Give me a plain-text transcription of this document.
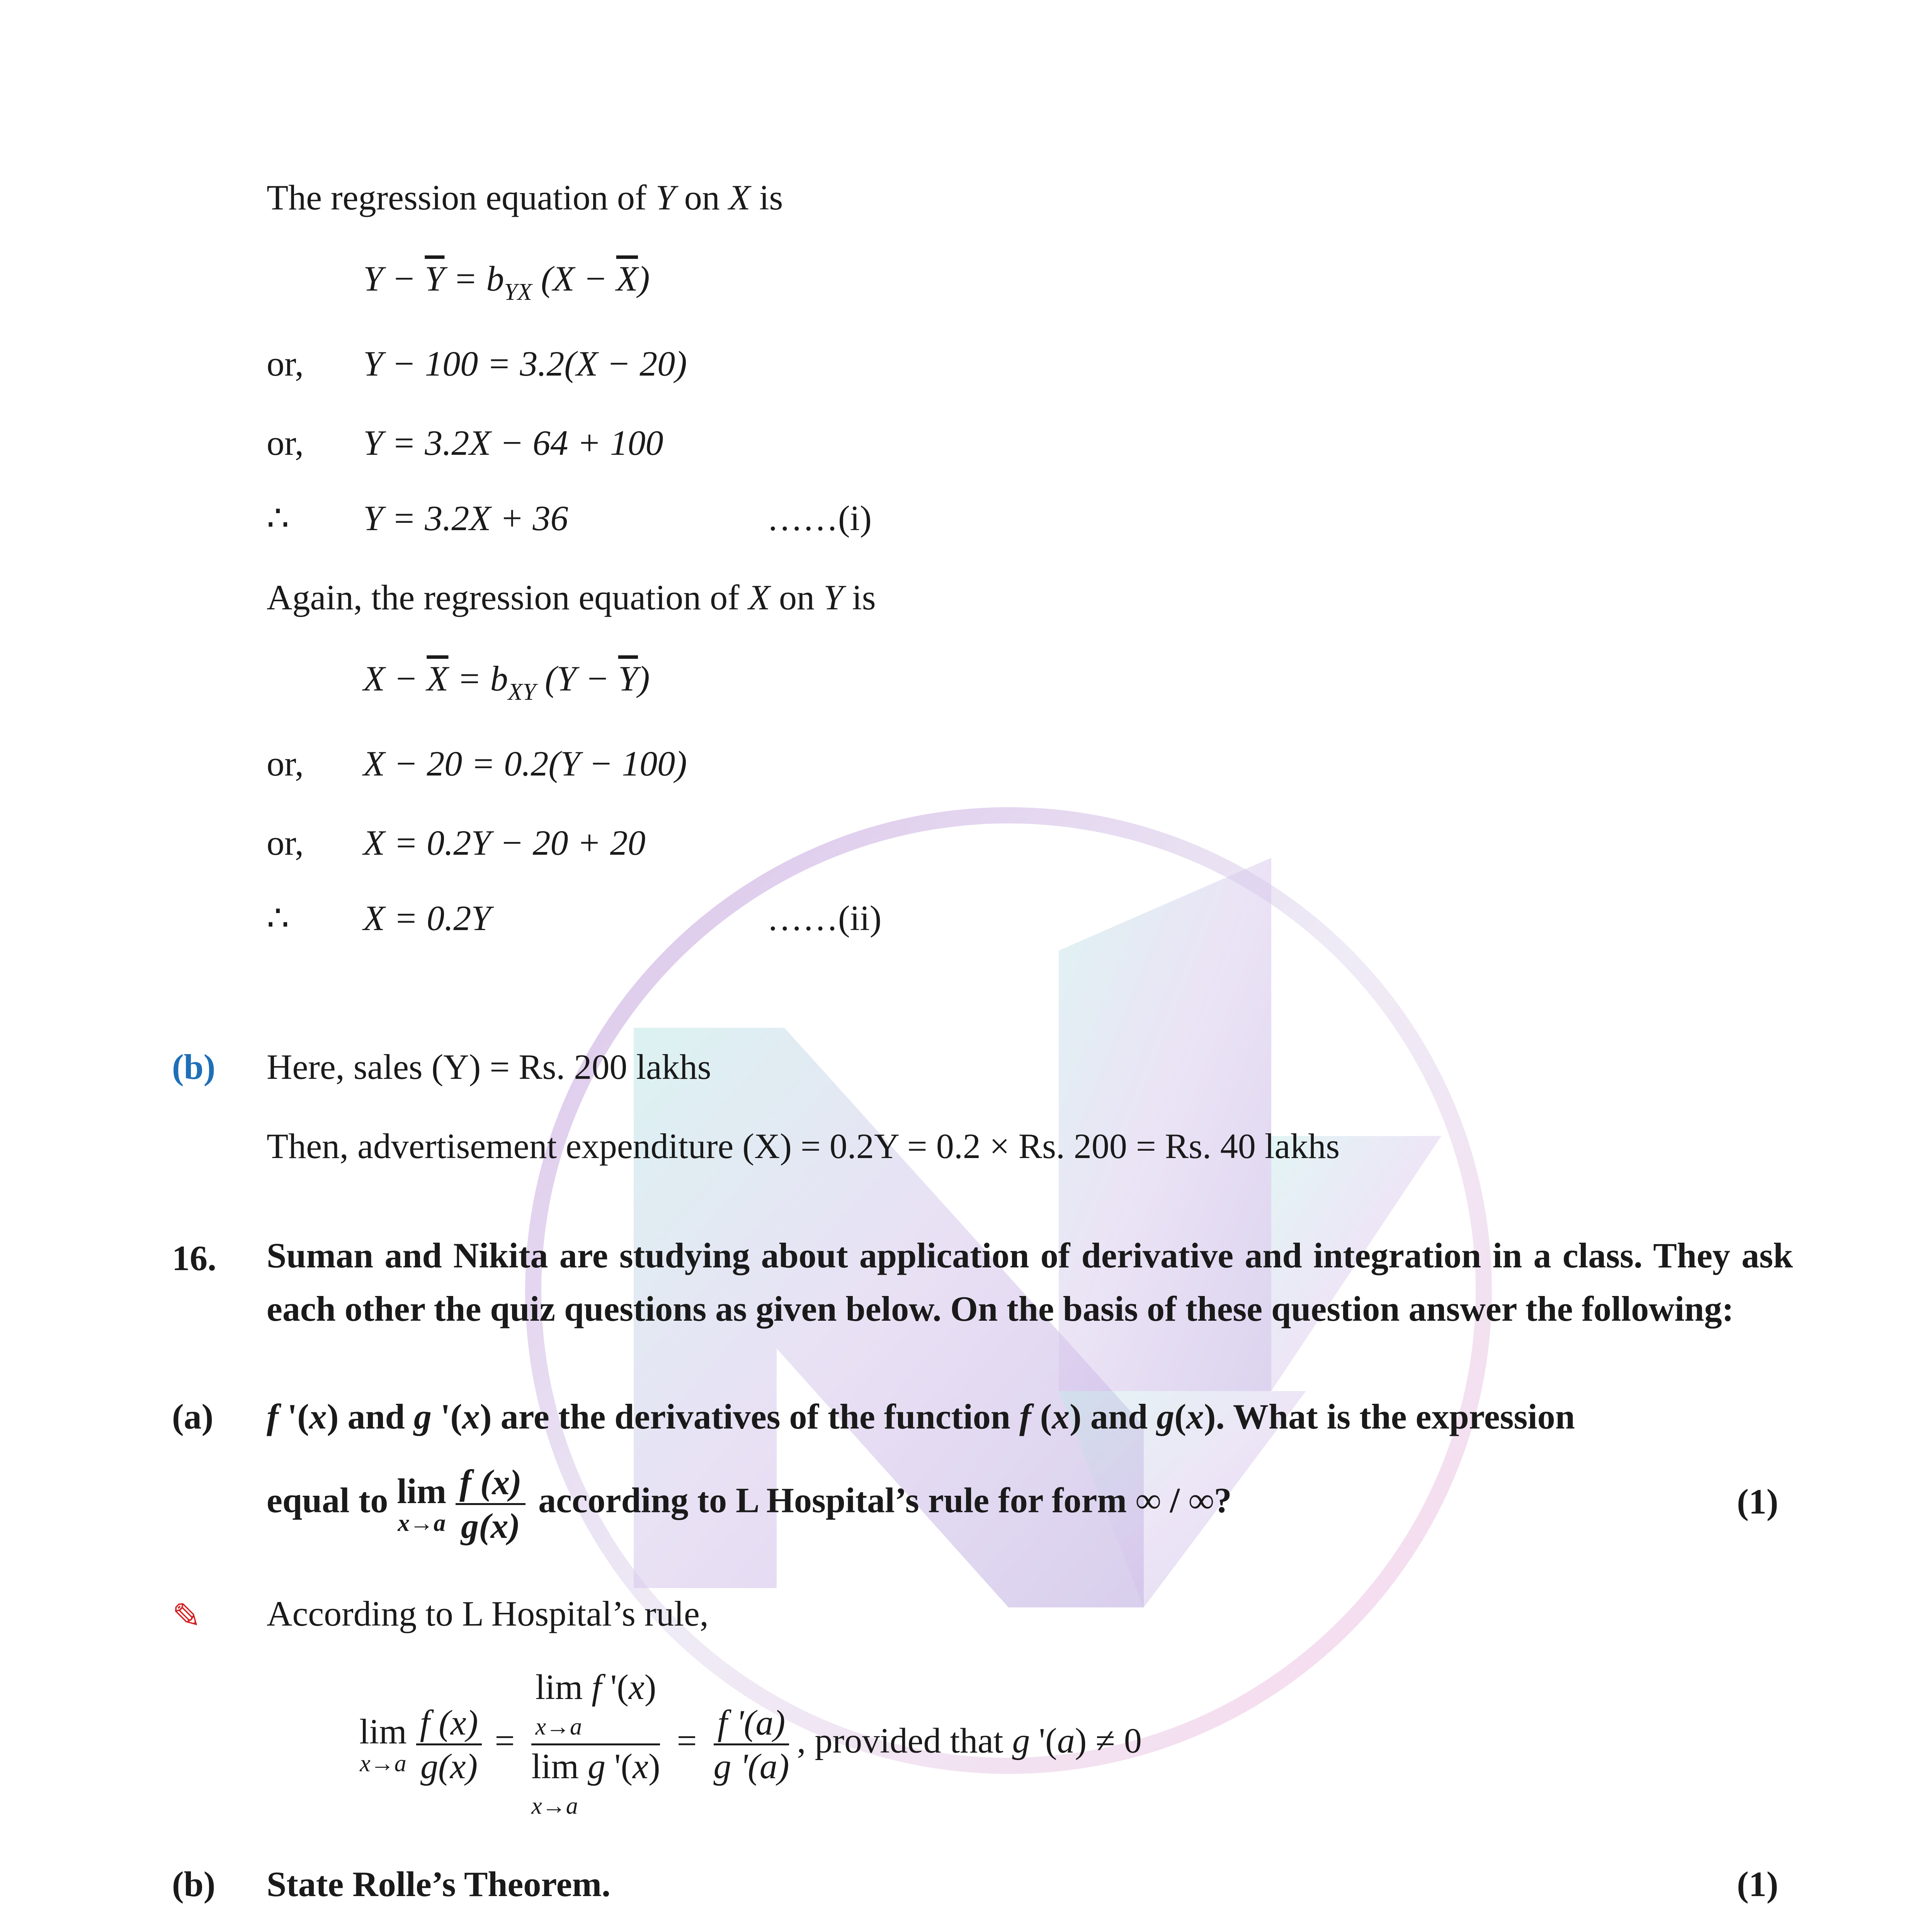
The regression equation of Y on X is
$Y - \overline{Y} = b_{YX}$ $(X - \overline{X})$
or, Y − 100 = 3.2(X − 20)
or, Y = 3.2X − 64 + 100
∴ Y = 3.2X + 36	……(i)
Again, the regression equation of X on Y is
$X - \overline{X} = b_{XY}$ $(Y - \overline{Y})$
or, X − 20 = 0.2(Y − 100)
or, X = 0.2Y − 20 + 20
∴ X = 0.2Y	……(ii)
(b) Here, sales (Y) = Rs. 200 lakhs
Then, advertisement expenditure (X) = 0.2Y = 0.2 × Rs. 200 = Rs. 40 lakhs
16. Suman and Nikita are studying about application of derivative and integration in a class. They ask each other the quiz questions as given below. On the basis of these question answer the following:
(a) f '(x) and g '(x) are the derivatives of the function f (x) and g(x). What is the expression
equal to lim
$x\to a \frac{f (x)}{g(x)}$ according to L Hospital’s rule for form ∞ / ∞?	(1)
✎ According to L Hospital’s rule,
lim
$x\to a \frac{f (x)}{g(x)}$ =
lim f '(x)
x→a
lim g '(x)
x→a
= $\frac{f '(a)}{g '(a)}$ , provided that g '(a) ≠ 0
(b) State Rolle’s Theorem.	(1)
